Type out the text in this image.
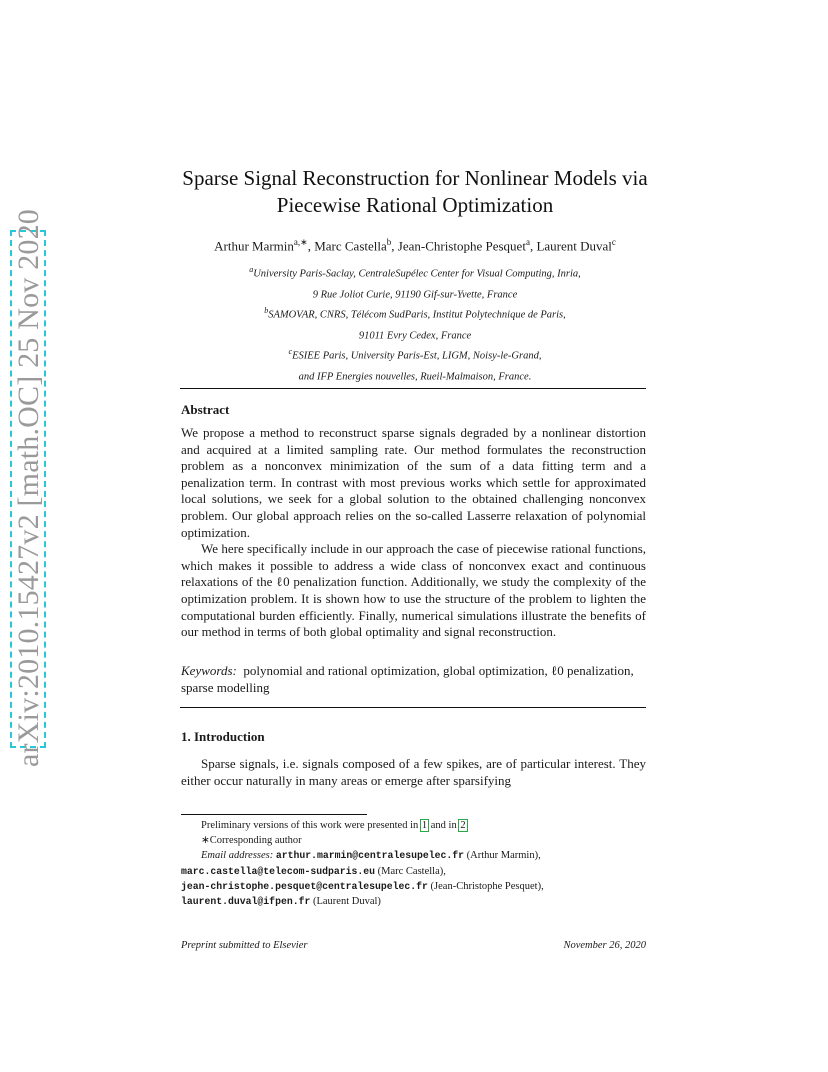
arXiv:2010.15427v2 [math.OC] 25 Nov 2020
Sparse Signal Reconstruction for Nonlinear Models via
Piecewise Rational Optimization
Arthur Marmin$^{a,∗}$, Marc Castella$^b$, Jean-Christophe Pesquet$^a$, Laurent Duval$^c$
$^a$University Paris-Saclay, CentraleSupélec Center for Visual Computing, Inria,
9 Rue Joliot Curie, 91190 Gif-sur-Yvette, France
$^b$SAMOVAR, CNRS, Télécom SudParis, Institut Polytechnique de Paris,
91011 Evry Cedex, France
$^c$ESIEE Paris, University Paris-Est, LIGM, Noisy-le-Grand,
and IFP Energies nouvelles, Rueil-Malmaison, France.
Abstract

We propose a method to reconstruct sparse signals degraded by a nonlinear distortion and acquired at a limited sampling rate. Our method formulates the reconstruction problem as a nonconvex minimization of the sum of a data fitting term and a penalization term. In contrast with most previous works which settle for approximated local solutions, we seek for a global solution to the obtained challenging nonconvex problem. Our global approach relies on the so-called Lasserre relaxation of polynomial optimization.

We here specifically include in our approach the case of piecewise rational functions, which makes it possible to address a wide class of nonconvex exact and continuous relaxations of the ℓ0 penalization function. Additionally, we study the complexity of the optimization problem. It is shown how to use the structure of the problem to lighten the computational burden efficiently. Finally, numerical simulations illustrate the benefits of our method in terms of both global optimality and signal reconstruction.

Keywords: polynomial and rational optimization, global optimization, ℓ0 penalization, sparse modelling
1. Introduction
Sparse signals, i.e. signals composed of a few spikes, are of particular interest. They either occur naturally in many areas or emerge after sparsifying
Preliminary versions of this work were presented in 1 and in 2
∗Corresponding author
Email addresses: arthur.marmin@centralesupelec.fr (Arthur Marmin),
marc.castella@telecom-sudparis.eu (Marc Castella),
jean-christophe.pesquet@centralesupelec.fr (Jean-Christophe Pesquet),
laurent.duval@ifpen.fr (Laurent Duval)
Preprint submitted to Elsevier	November 26, 2020
